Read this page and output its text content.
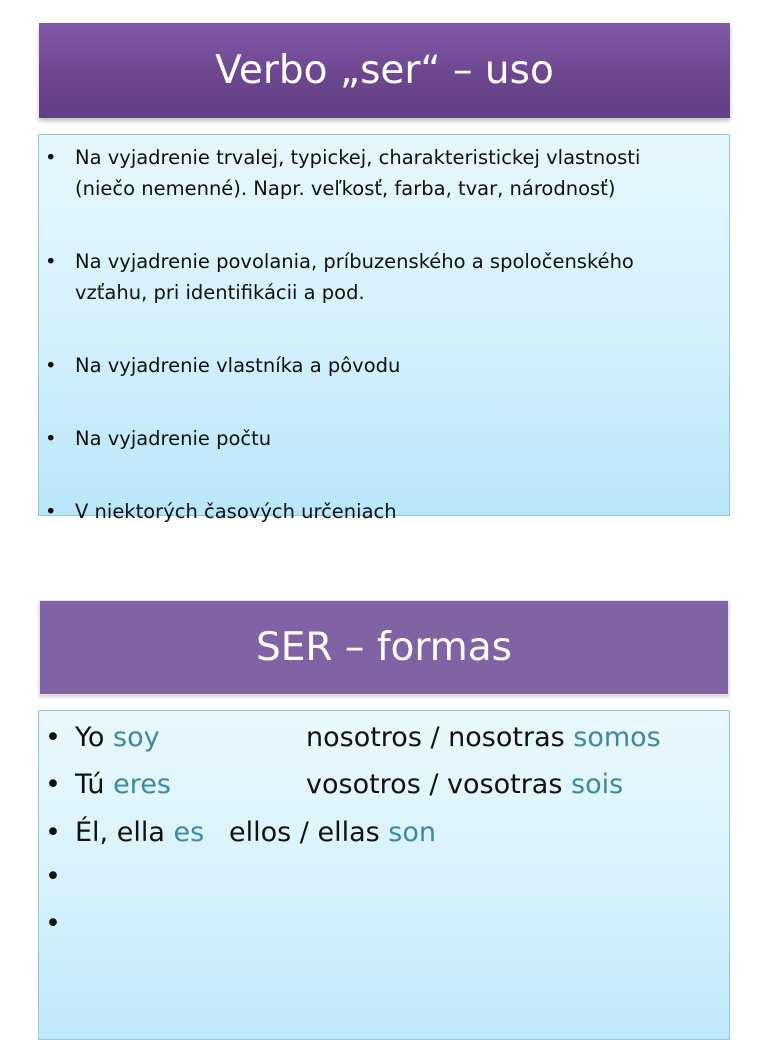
Verbo „ser“ – uso
• Na vyjadrenie trvalej, typickej, charakteristickej vlastnosti
(niečo nemenné). Napr. veľkosť, farba, tvar, národnosť)
• Na vyjadrenie povolania, príbuzenského a spoločenského
vzťahu, pri identifikácii a pod.
• Na vyjadrenie vlastníka a pôvodu
• Na vyjadrenie počtu
• V niektorých časových určeniach
SER – formas
• Yo soy	nosotros / nosotras somos
• Tú eres	vosotros / vosotras sois
• Él, ella es ellos / ellas son
•
•
